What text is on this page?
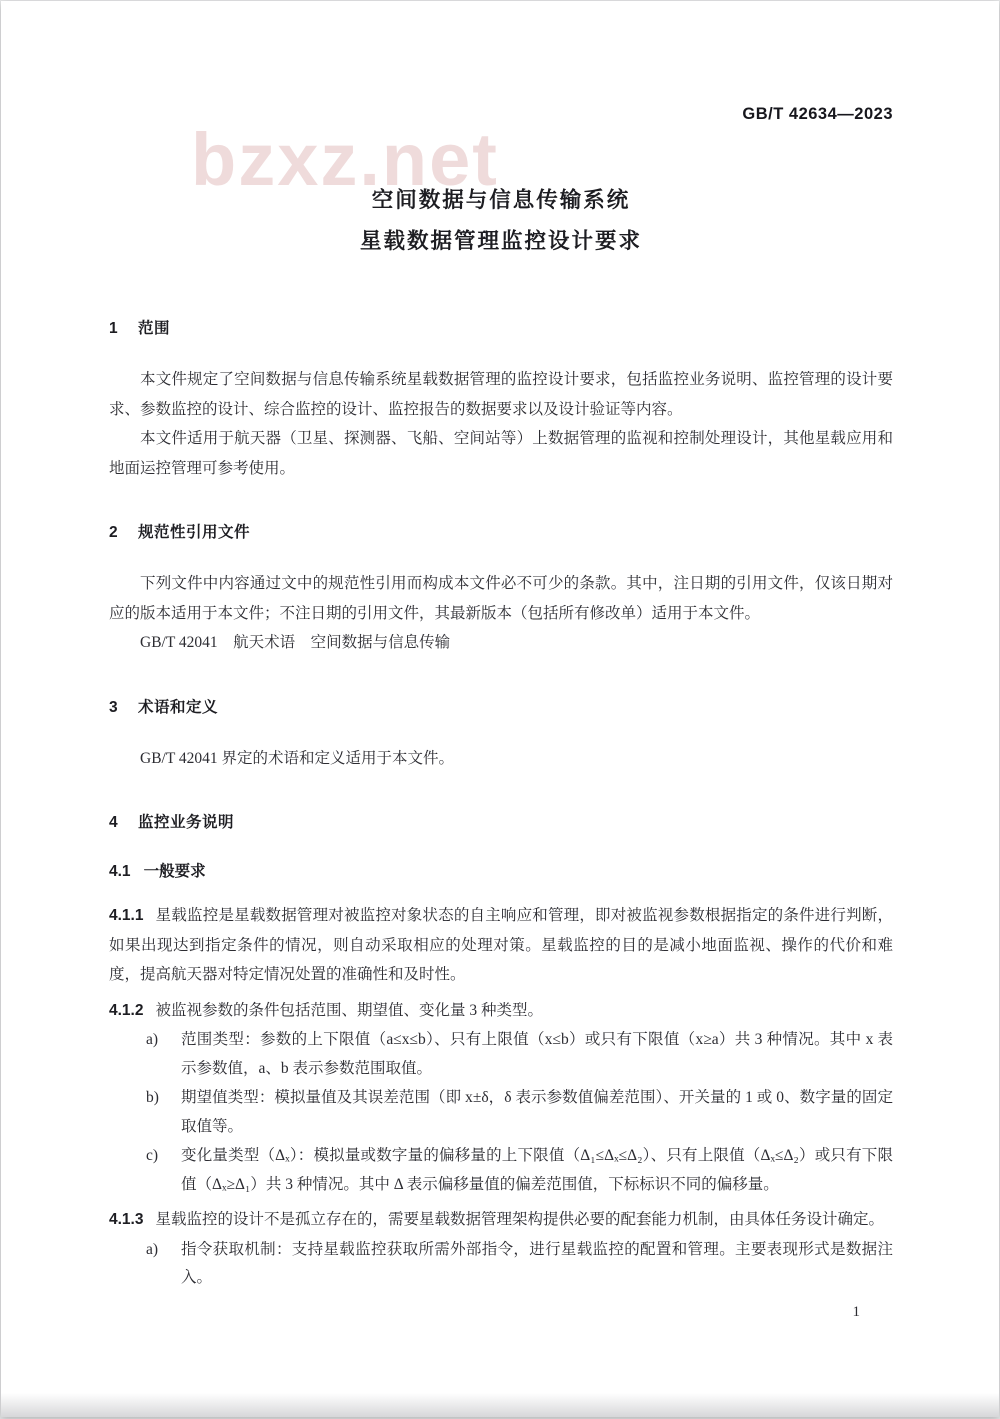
bzxz.net
GB/T 42634—2023
空间数据与信息传输系统
星载数据管理监控设计要求
1 范围

本文件规定了空间数据与信息传输系统星载数据管理的监控设计要求，包括监控业务说明、监控管理的设计要求、参数监控的设计、综合监控的设计、监控报告的数据要求以及设计验证等内容。

本文件适用于航天器（卫星、探测器、飞船、空间站等）上数据管理的监视和控制处理设计，其他星载应用和地面运控管理可参考使用。

2 规范性引用文件

下列文件中内容通过文中的规范性引用而构成本文件必不可少的条款。其中，注日期的引用文件，仅该日期对应的版本适用于本文件；不注日期的引用文件，其最新版本（包括所有修改单）适用于本文件。

GB/T 42041　航天术语　空间数据与信息传输

3 术语和定义

GB/T 42041 界定的术语和定义适用于本文件。

4 监控业务说明
4.1 一般要求

4.1.1 星载监控是星载数据管理对被监控对象状态的自主响应和管理，即对被监视参数根据指定的条件进行判断，如果出现达到指定条件的情况，则自动采取相应的处理对策。星载监控的目的是减小地面监视、操作的代价和难度，提高航天器对特定情况处置的准确性和及时性。

4.1.2 被监视参数的条件包括范围、期望值、变化量 3 种类型。

a)	范围类型：参数的上下限值（a≤x≤b）、只有上限值（x≤b）或只有下限值（x≥a）共 3 种情况。其中 x 表示参数值，a、b 表示参数范围取值。
b)	期望值类型：模拟量值及其误差范围（即 x±δ，δ 表示参数值偏差范围）、开关量的 1 或 0、数字量的固定取值等。
c)	变化量类型（Δₓ）：模拟量或数字量的偏移量的上下限值（Δ₁≤Δₓ≤Δ₂）、只有上限值（Δₓ≤Δ₂）或只有下限值（Δₓ≥Δ₁）共 3 种情况。其中 Δ 表示偏移量值的偏差范围值，下标标识不同的偏移量。

4.1.3 星载监控的设计不是孤立存在的，需要星载数据管理架构提供必要的配套能力机制，由具体任务设计确定。

a)	指令获取机制：支持星载监控获取所需外部指令，进行星载监控的配置和管理。主要表现形式是数据注入。
1
